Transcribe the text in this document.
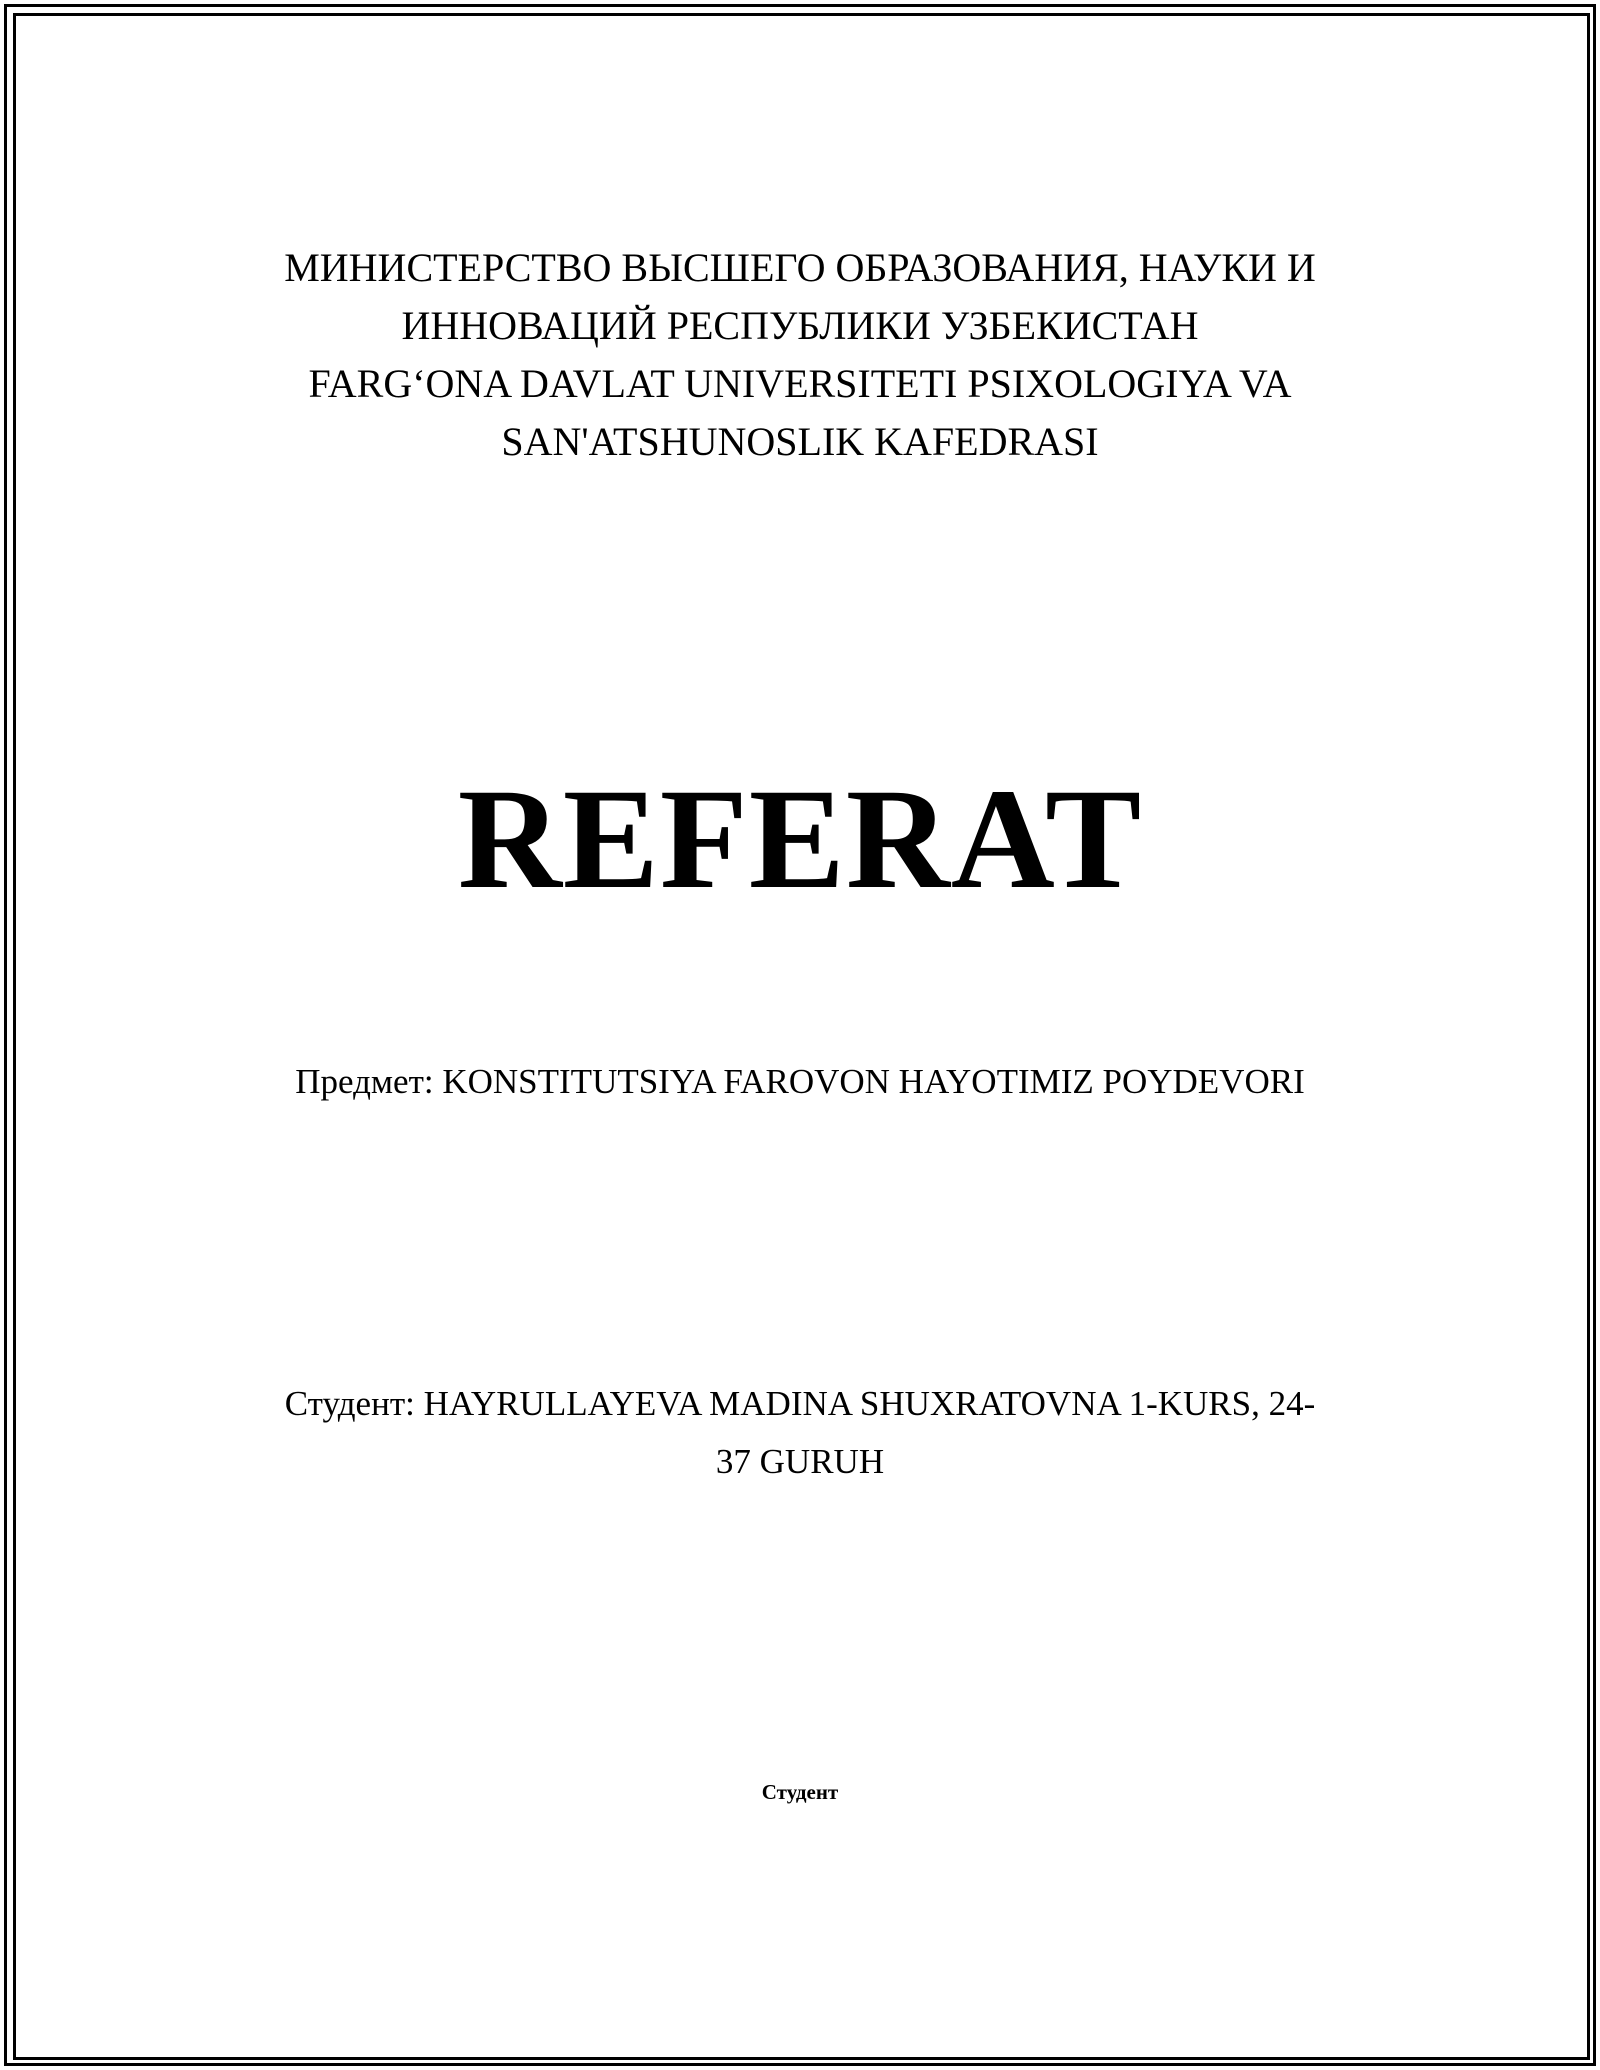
МИНИСТЕРСТВО ВЫСШЕГО ОБРАЗОВАНИЯ, НАУКИ И
ИННОВАЦИЙ РЕСПУБЛИКИ УЗБЕКИСТАН
FARG‘ONA DAVLAT UNIVERSITETI PSIXOLOGIYA VA
SAN'ATSHUNOSLIK KAFEDRASI
REFERAT
Предмет: KONSTITUTSIYA FAROVON HAYOTIMIZ POYDEVORI
Студент: HAYRULLAYEVA MADINA SHUXRATOVNA 1-KURS, 24-
37 GURUH
Студент
